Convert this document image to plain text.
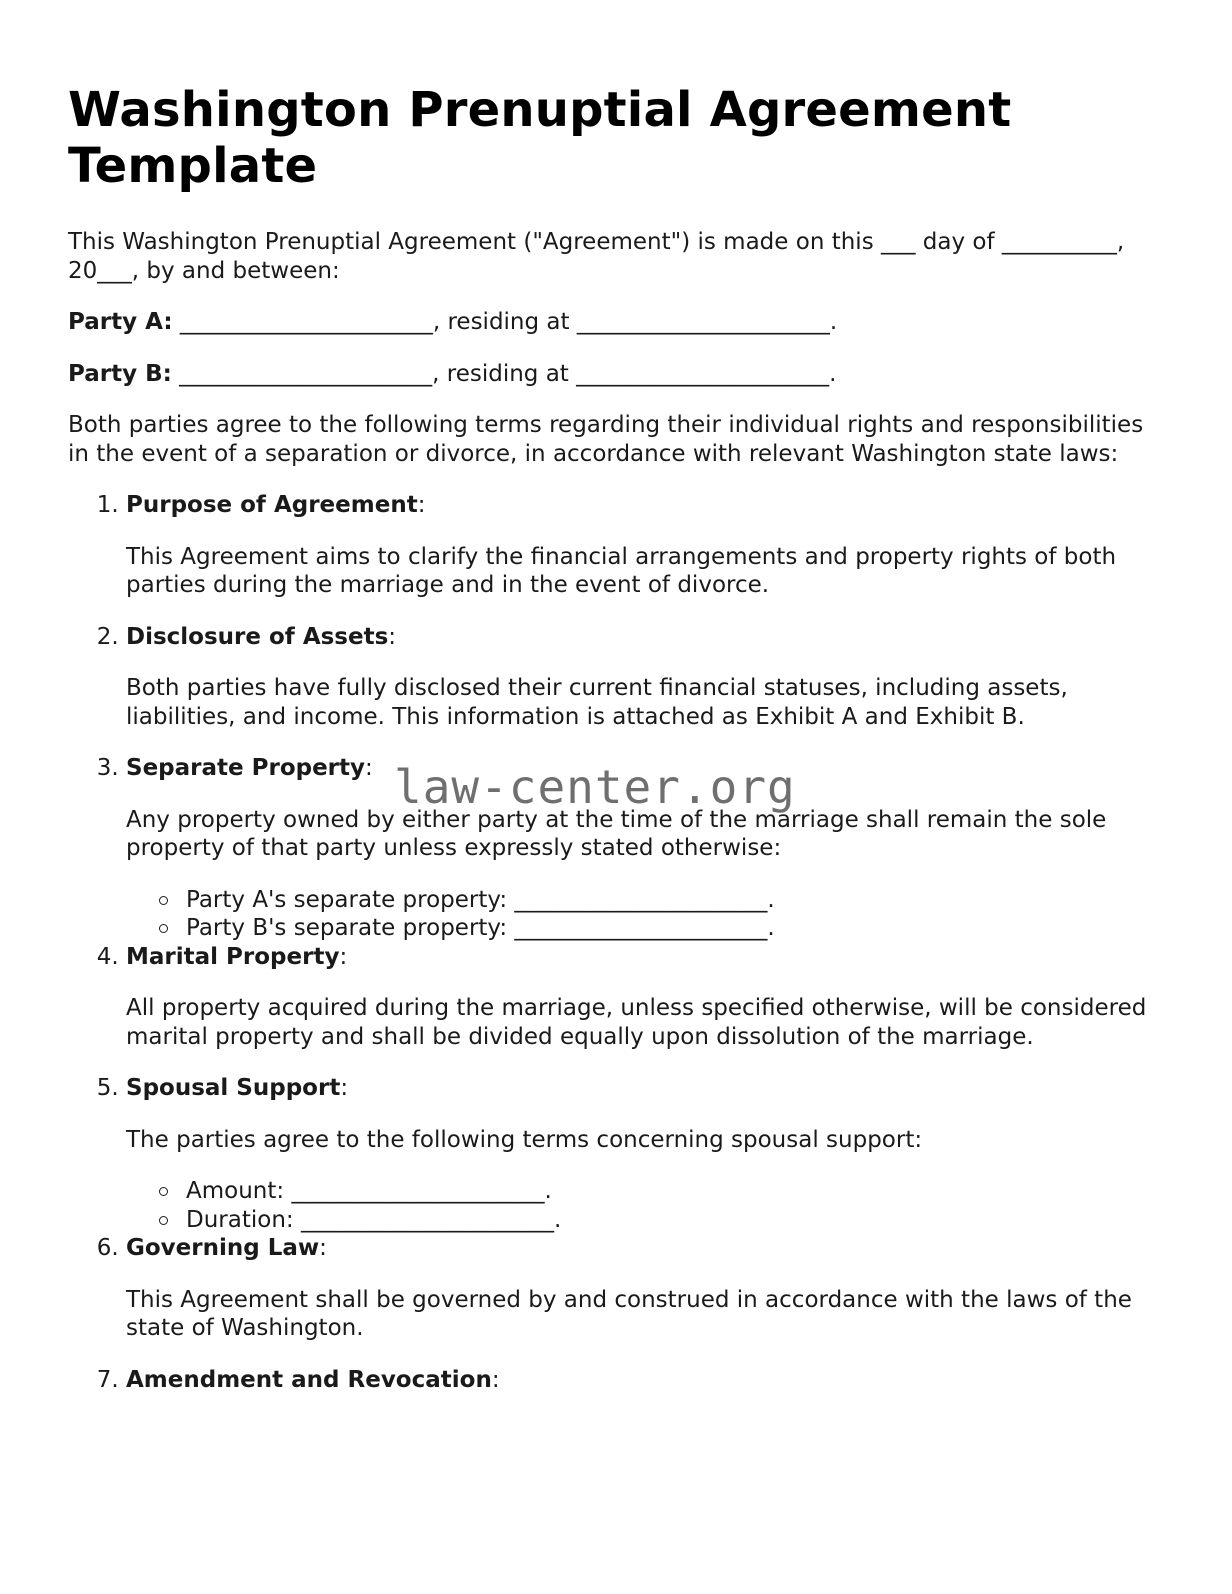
Washington Prenuptial Agreement Template

This Washington Prenuptial Agreement ("Agreement") is made on this ___ day of __________, 20___, by and between:

Party A: ______________________, residing at ______________________.

Party B: ______________________, residing at ______________________.

Both parties agree to the following terms regarding their individual rights and responsibilities in the event of a separation or divorce, in accordance with relevant Washington state laws:

1. Purpose of Agreement:

This Agreement aims to clarify the financial arrangements and property rights of both parties during the marriage and in the event of divorce.

2. Disclosure of Assets:

Both parties have fully disclosed their current financial statuses, including assets, liabilities, and income. This information is attached as Exhibit A and Exhibit B.

3. Separate Property:

Any property owned by either party at the time of the marriage shall remain the sole property of that party unless expressly stated otherwise:

Party A's separate property: ______________________.
Party B's separate property: ______________________.
4. Marital Property:

All property acquired during the marriage, unless specified otherwise, will be considered marital property and shall be divided equally upon dissolution of the marriage.

5. Spousal Support:

The parties agree to the following terms concerning spousal support:

Amount: ______________________.
Duration: ______________________.
6. Governing Law:

This Agreement shall be governed by and construed in accordance with the laws of the state of Washington.

7. Amendment and Revocation:
law-center.org
